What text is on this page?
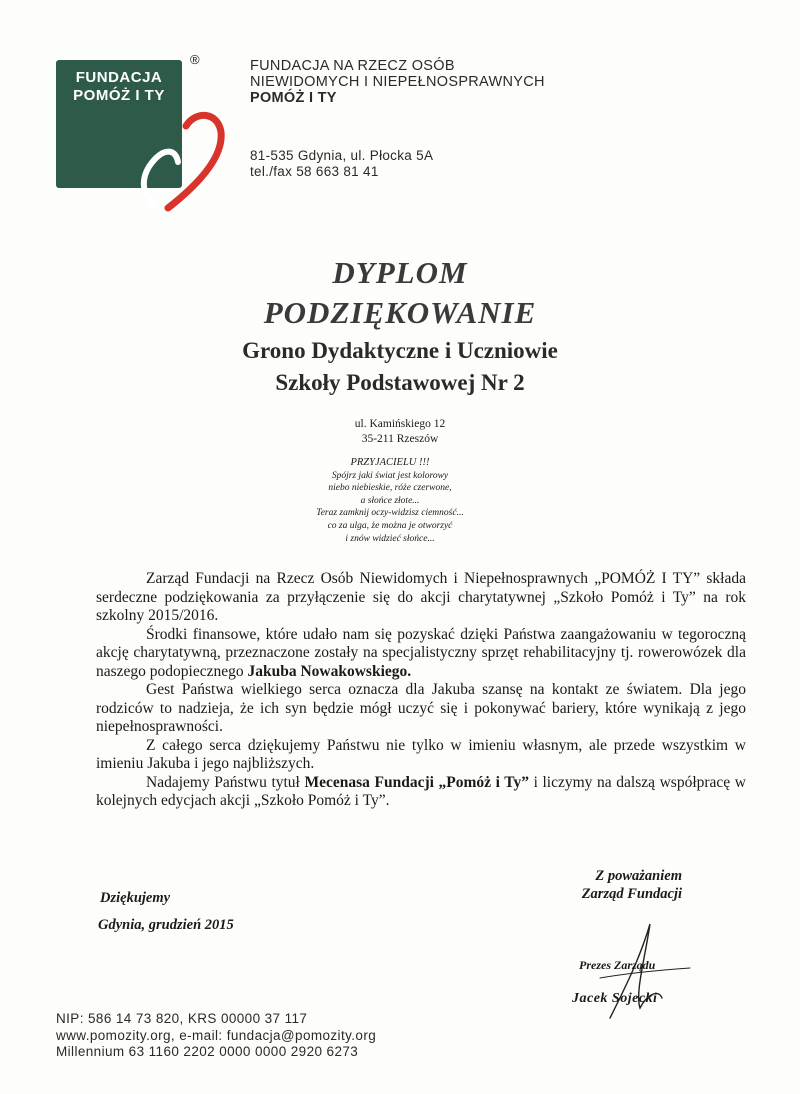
FUNDACJA
POMÓŻ I TY
®	FUNDACJA NA RZECZ OSÓB
NIEWIDOMYCH I NIEPEŁNOSPRAWNYCH
POMÓŻ I TY
81-535 Gdynia, ul. Płocka 5A
tel./fax 58 663 81 41
DYPLOM
PODZIĘKOWANIE
Grono Dydaktyczne i Uczniowie
Szkoły Podstawowej Nr 2
ul. Kamińskiego 12
35-211 Rzeszów
PRZYJACIELU !!!
Spójrz jaki świat jest kolorowy
niebo niebieskie, róże czerwone,
a słońce złote...
Teraz zamknij oczy-widzisz ciemność...
co za ulga, że można je otworzyć
i znów widzieć słońce...

Zarząd Fundacji na Rzecz Osób Niewidomych i Niepełnosprawnych „POMÓŻ I TY” składa serdeczne podziękowania za przyłączenie się do akcji charytatywnej „Szkoło Pomóż i Ty” na rok szkolny 2015/2016.

Środki finansowe, które udało nam się pozyskać dzięki Państwa zaangażowaniu w tegoroczną akcję charytatywną, przeznaczone zostały na specjalistyczny sprzęt rehabilitacyjny tj. rowerowózek dla naszego podopiecznego Jakuba Nowakowskiego.

Gest Państwa wielkiego serca oznacza dla Jakuba szansę na kontakt ze światem. Dla jego rodziców to nadzieja, że ich syn będzie mógł uczyć się i pokonywać bariery, które wynikają z jego niepełnosprawności.

Z całego serca dziękujemy Państwu nie tylko w imieniu własnym, ale przede wszystkim w imieniu Jakuba i jego najbliższych.

Nadajemy Państwu tytuł Mecenasa Fundacji „Pomóż i Ty” i liczymy na dalszą współpracę w kolejnych edycjach akcji „Szkoło Pomóż i Ty”.

Dziękujemy
Gdynia, grudzień 2015
Z poważaniem
Zarząd Fundacji
Prezes Zarządu
Jacek Sojecki
NIP: 586 14 73 820, KRS 00000 37 117
www.pomozity.org, e-mail: fundacja@pomozity.org
Millennium 63 1160 2202 0000 0000 2920 6273
